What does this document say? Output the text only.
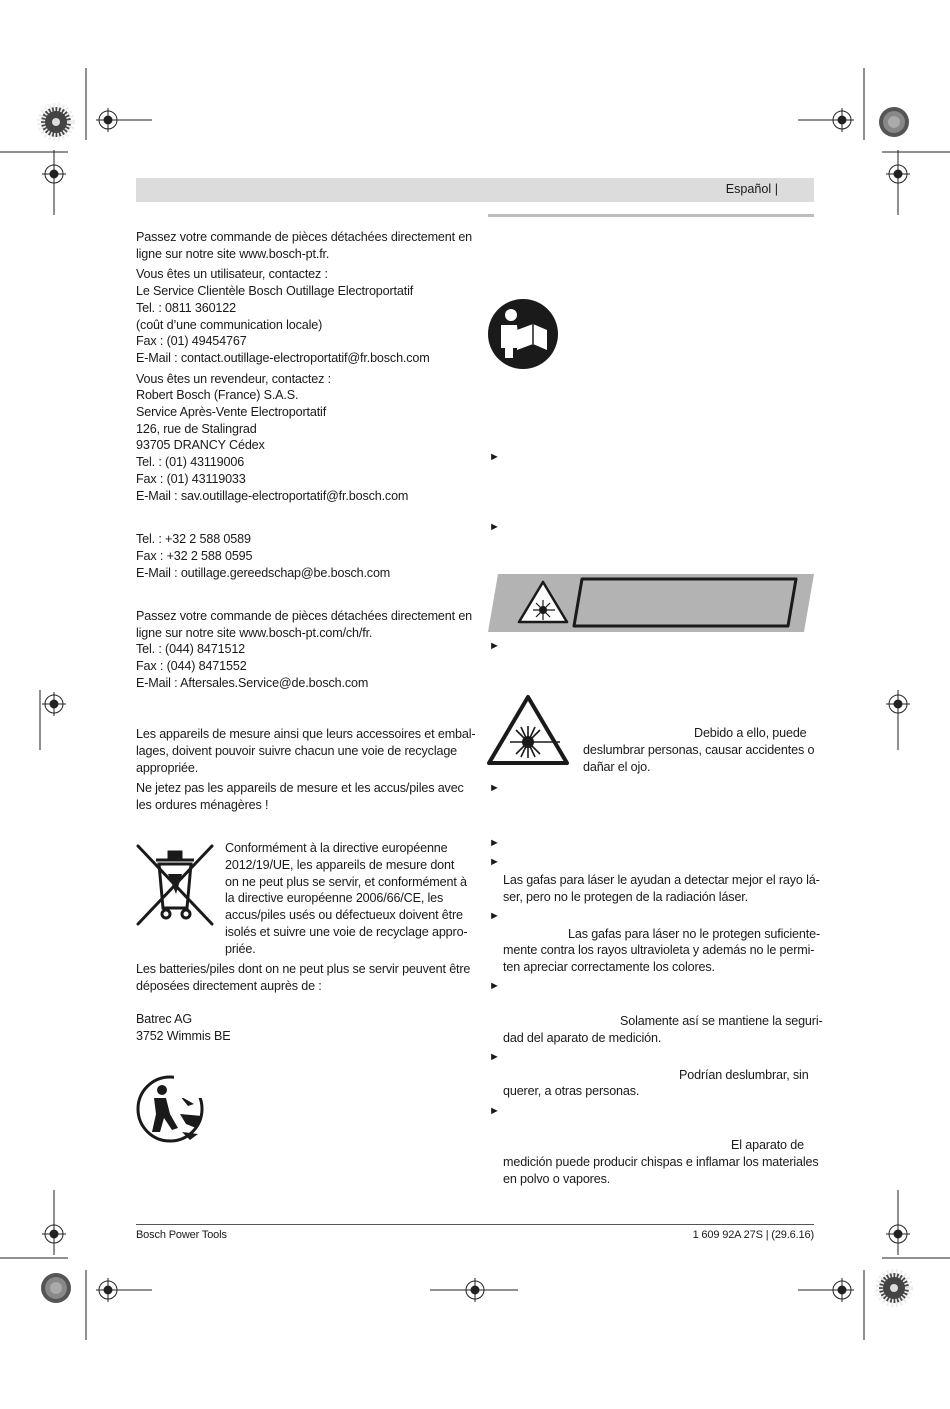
Español |
Passez votre commande de pièces détachées directement en
ligne sur notre site www.bosch-pt.fr.
Vous êtes un utilisateur, contactez :
Le Service Clientèle Bosch Outillage Electroportatif
Tel. : 0811 360122
(coût d’une communication locale)
Fax : (01) 49454767
E-Mail : contact.outillage-electroportatif@fr.bosch.com
Vous êtes un revendeur, contactez :
Robert Bosch (France) S.A.S.
Service Après-Vente Electroportatif
126, rue de Stalingrad
93705 DRANCY Cédex
Tel. : (01) 43119006
Fax : (01) 43119033
E-Mail : sav.outillage-electroportatif@fr.bosch.com
Tel. : +32 2 588 0589
Fax : +32 2 588 0595
E-Mail : outillage.gereedschap@be.bosch.com
Passez votre commande de pièces détachées directement en
ligne sur notre site www.bosch-pt.com/ch/fr.
Tel. : (044) 8471512
Fax : (044) 8471552
E-Mail : Aftersales.Service@de.bosch.com
Les appareils de mesure ainsi que leurs accessoires et embal-
lages, doivent pouvoir suivre chacun une voie de recyclage
appropriée.
Ne jetez pas les appareils de mesure et les accus/piles avec
les ordures ménagères !
Conformément à la directive européenne
2012/19/UE, les appareils de mesure dont
on ne peut plus se servir, et conformément à
la directive européenne 2006/66/CE, les
accus/piles usés ou défectueux doivent être
isolés et suivre une voie de recyclage appro-
priée.
Les batteries/piles dont on ne peut plus se servir peuvent être
déposées directement auprès de :
Batrec AG
3752 Wimmis BE
►
►
►
Debido a ello, puede
deslumbrar personas, causar accidentes o
dañar el ojo.
►
►
►
Las gafas para láser le ayudan a detectar mejor el rayo lá-
ser, pero no le protegen de la radiación láser.
►
Las gafas para láser no le protegen suficiente-
mente contra los rayos ultravioleta y además no le permi-
ten apreciar correctamente los colores.
►
Solamente así se mantiene la seguri-
dad del aparato de medición.
►
Podrían deslumbrar, sin
querer, a otras personas.
►
El aparato de
medición puede producir chispas e inflamar los materiales
en polvo o vapores.
Bosch Power Tools	1 609 92A 27S | (29.6.16)
